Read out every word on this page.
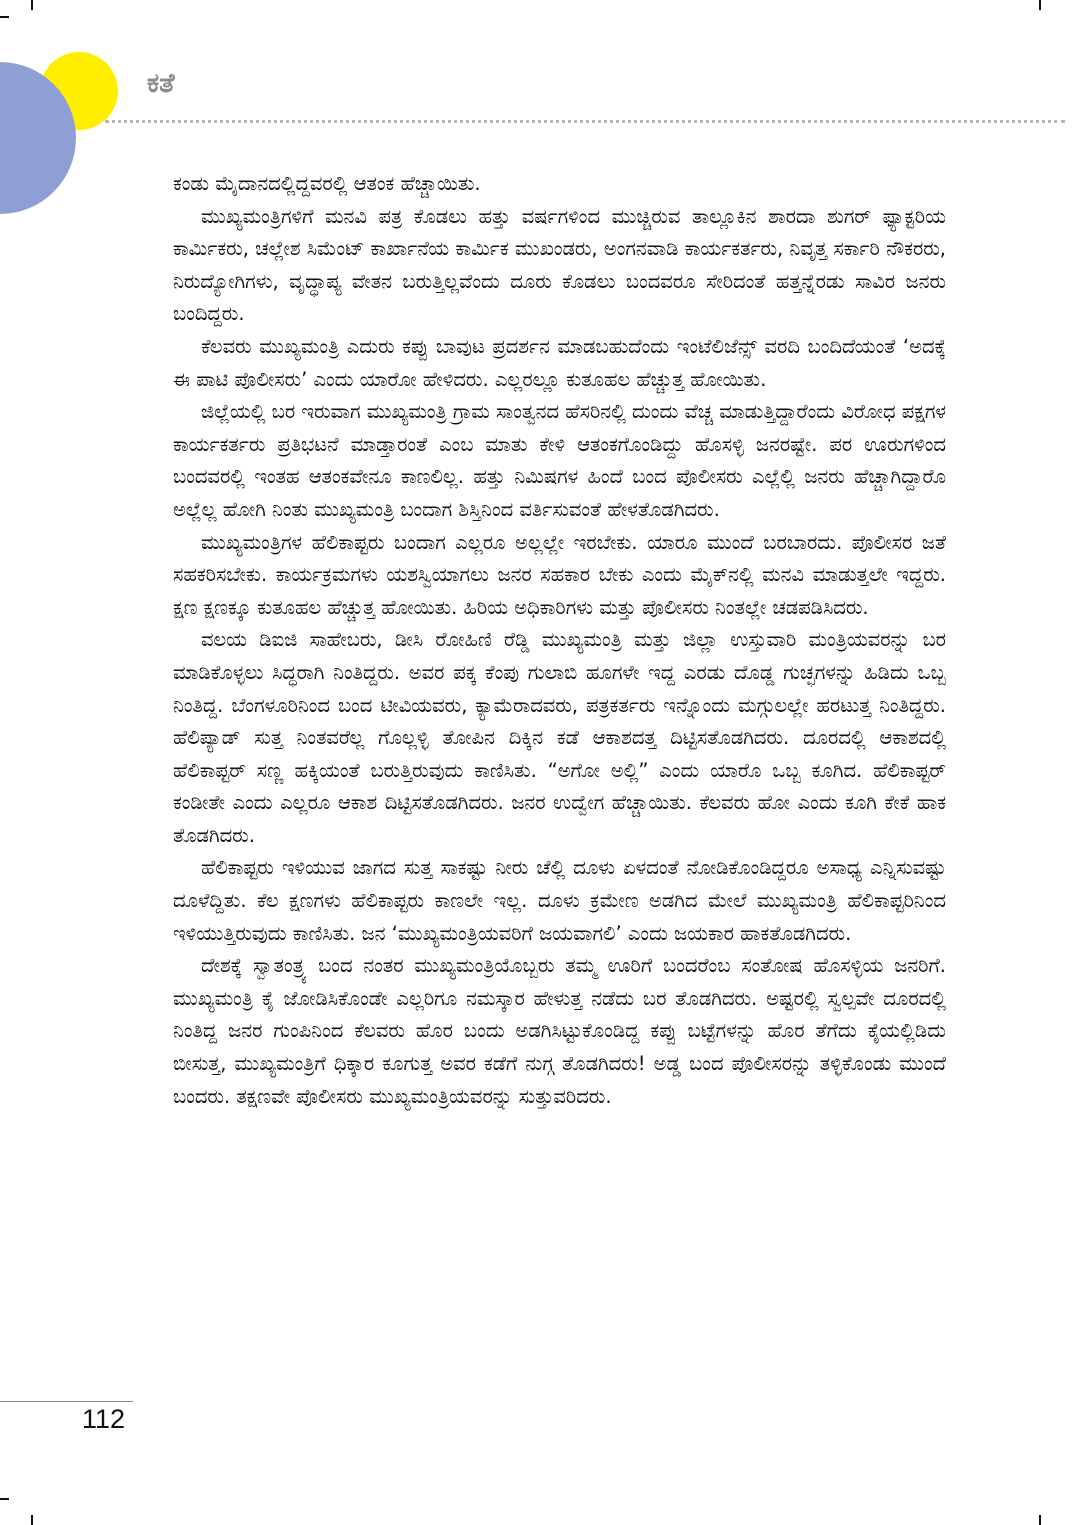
ಕತೆ

ಕಂಡು ಮೈದಾನದಲ್ಲಿದ್ದವರಲ್ಲಿ ಆತಂಕ ಹೆಚ್ಚಾಯಿತು.

ಮುಖ್ಯಮಂತ್ರಿಗಳಿಗೆ ಮನವಿ ಪತ್ರ ಕೊಡಲು ಹತ್ತು ವರ್ಷಗಳಿಂದ ಮುಚ್ಚಿರುವ ತಾಲ್ಲೂಕಿನ ಶಾರದಾ ಶುಗರ್ ಫ್ಯಾಕ್ಟರಿಯ ಕಾರ್ಮಿಕರು, ಚಲ್ಲೇಶ ಸಿಮೆಂಟ್ ಕಾರ್ಖಾನೆಯ ಕಾರ್ಮಿಕ ಮುಖಂಡರು, ಅಂಗನವಾಡಿ ಕಾರ್ಯಕರ್ತರು, ನಿವೃತ್ತ ಸರ್ಕಾರಿ ನೌಕರರು, ನಿರುದ್ಯೋಗಿಗಳು, ವೃದ್ಧಾಪ್ಯ ವೇತನ ಬರುತ್ತಿಲ್ಲವೆಂದು ದೂರು ಕೊಡಲು ಬಂದವರೂ ಸೇರಿದಂತೆ ಹತ್ತನ್ನೆರಡು ಸಾವಿರ ಜನರು ಬಂದಿದ್ದರು.

ಕೆಲವರು ಮುಖ್ಯಮಂತ್ರಿ ಎದುರು ಕಪ್ಪು ಬಾವುಟ ಪ್ರದರ್ಶನ ಮಾಡಬಹುದೆಂದು ಇಂಟೆಲಿಜೆನ್ಸ್ ವರದಿ ಬಂದಿದೆಯಂತೆ ‘ಅದಕ್ಕೆ ಈ ಪಾಟಿ ಪೊಲೀಸರು’ ಎಂದು ಯಾರೋ ಹೇಳಿದರು. ಎಲ್ಲರಲ್ಲೂ ಕುತೂಹಲ ಹೆಚ್ಚುತ್ತ ಹೋಯಿತು.

ಜಿಲ್ಲೆಯಲ್ಲಿ ಬರ ಇರುವಾಗ ಮುಖ್ಯಮಂತ್ರಿ ಗ್ರಾಮ ಸಾಂತ್ವನದ ಹೆಸರಿನಲ್ಲಿ ದುಂದು ವೆಚ್ಚ ಮಾಡುತ್ತಿದ್ದಾರೆಂದು ವಿರೋಧ ಪಕ್ಷಗಳ ಕಾರ್ಯಕರ್ತರು ಪ್ರತಿಭಟನೆ ಮಾಡ್ತಾರಂತೆ ಎಂಬ ಮಾತು ಕೇಳಿ ಆತಂಕಗೊಂಡಿದ್ದು ಹೊಸಳ್ಳಿ ಜನರಷ್ಟೇ. ಪರ ಊರುಗಳಿಂದ ಬಂದವರಲ್ಲಿ ಇಂತಹ ಆತಂಕವೇನೂ ಕಾಣಲಿಲ್ಲ. ಹತ್ತು ನಿಮಿಷಗಳ ಹಿಂದೆ ಬಂದ ಪೊಲೀಸರು ಎಲ್ಲೆಲ್ಲಿ ಜನರು ಹೆಚ್ಚಾಗಿದ್ದಾರೊ ಅಲ್ಲೆಲ್ಲ ಹೋಗಿ ನಿಂತು ಮುಖ್ಯಮಂತ್ರಿ ಬಂದಾಗ ಶಿಸ್ತಿನಿಂದ ವರ್ತಿಸುವಂತೆ ಹೇಳತೊಡಗಿದರು.

ಮುಖ್ಯಮಂತ್ರಿಗಳ ಹೆಲಿಕಾಪ್ಟರು ಬಂದಾಗ ಎಲ್ಲರೂ ಅಲ್ಲಲ್ಲೇ ಇರಬೇಕು. ಯಾರೂ ಮುಂದೆ ಬರಬಾರದು. ಪೊಲೀಸರ ಜತೆ ಸಹಕರಿಸಬೇಕು. ಕಾರ್ಯಕ್ರಮಗಳು ಯಶಸ್ವಿಯಾಗಲು ಜನರ ಸಹಕಾರ ಬೇಕು ಎಂದು ಮೈಕ್‌ನಲ್ಲಿ ಮನವಿ ಮಾಡುತ್ತಲೇ ಇದ್ದರು. ಕ್ಷಣ ಕ್ಷಣಕ್ಕೂ ಕುತೂಹಲ ಹೆಚ್ಚುತ್ತ ಹೋಯಿತು. ಹಿರಿಯ ಅಧಿಕಾರಿಗಳು ಮತ್ತು ಪೊಲೀಸರು ನಿಂತಲ್ಲೇ ಚಡಪಡಿಸಿದರು.

ವಲಯ ಡಿಐಜಿ ಸಾಹೇಬರು, ಡೀಸಿ ರೋಹಿಣಿ ರೆಡ್ಡಿ ಮುಖ್ಯಮಂತ್ರಿ ಮತ್ತು ಜಿಲ್ಲಾ ಉಸ್ತುವಾರಿ ಮಂತ್ರಿಯವರನ್ನು ಬರ ಮಾಡಿಕೊಳ್ಳಲು ಸಿದ್ಧರಾಗಿ ನಿಂತಿದ್ದರು. ಅವರ ಪಕ್ಕ ಕೆಂಪು ಗುಲಾಬಿ ಹೂಗಳೇ ಇದ್ದ ಎರಡು ದೊಡ್ಡ ಗುಚ್ಛಗಳನ್ನು ಹಿಡಿದು ಒಬ್ಬ ನಿಂತಿದ್ದ. ಬೆಂಗಳೂರಿನಿಂದ ಬಂದ ಟೀವಿಯವರು, ಕ್ಯಾಮೆರಾದವರು, ಪತ್ರಕರ್ತರು ಇನ್ನೊಂದು ಮಗ್ಗುಲಲ್ಲೇ ಹರಟುತ್ತ ನಿಂತಿದ್ದರು. ಹೆಲಿಪ್ಯಾಡ್ ಸುತ್ತ ನಿಂತವರೆಲ್ಲ ಗೊಲ್ಲಳ್ಳಿ ತೋಪಿನ ದಿಕ್ಕಿನ ಕಡೆ ಆಕಾಶದತ್ತ ದಿಟ್ಟಿಸತೊಡಗಿದರು. ದೂರದಲ್ಲಿ ಆಕಾಶದಲ್ಲಿ ಹೆಲಿಕಾಪ್ಟರ್ ಸಣ್ಣ ಹಕ್ಕಿಯಂತೆ ಬರುತ್ತಿರುವುದು ಕಾಣಿಸಿತು. “ಅಗೋ ಅಲ್ಲಿ” ಎಂದು ಯಾರೊ ಒಬ್ಬ ಕೂಗಿದ. ಹೆಲಿಕಾಪ್ಟರ್ ಕಂಡೀತೇ ಎಂದು ಎಲ್ಲರೂ ಆಕಾಶ ದಿಟ್ಟಿಸತೊಡಗಿದರು. ಜನರ ಉದ್ವೇಗ ಹೆಚ್ಚಾಯಿತು. ಕೆಲವರು ಹೋ ಎಂದು ಕೂಗಿ ಕೇಕೆ ಹಾಕ ತೊಡಗಿದರು.

ಹೆಲಿಕಾಪ್ಟರು ಇಳಿಯುವ ಜಾಗದ ಸುತ್ತ ಸಾಕಷ್ಟು ನೀರು ಚೆಲ್ಲಿ ದೂಳು ಏಳದಂತೆ ನೋಡಿಕೊಂಡಿದ್ದರೂ ಅಸಾಧ್ಯ ಎನ್ನಿಸುವಷ್ಟು ದೂಳೆದ್ದಿತು. ಕೆಲ ಕ್ಷಣಗಳು ಹೆಲಿಕಾಪ್ಟರು ಕಾಣಲೇ ಇಲ್ಲ. ದೂಳು ಕ್ರಮೇಣ ಅಡಗಿದ ಮೇಲೆ ಮುಖ್ಯಮಂತ್ರಿ ಹೆಲಿಕಾಪ್ಟರಿನಿಂದ ಇಳಿಯುತ್ತಿರುವುದು ಕಾಣಿಸಿತು. ಜನ ‘ಮುಖ್ಯಮಂತ್ರಿಯವರಿಗೆ ಜಯವಾಗಲಿ’ ಎಂದು ಜಯಕಾರ ಹಾಕತೊಡಗಿದರು.

ದೇಶಕ್ಕೆ ಸ್ವಾತಂತ್ರ್ಯ ಬಂದ ನಂತರ ಮುಖ್ಯಮಂತ್ರಿಯೊಬ್ಬರು ತಮ್ಮ ಊರಿಗೆ ಬಂದರೆಂಬ ಸಂತೋಷ ಹೊಸಳ್ಳಿಯ ಜನರಿಗೆ. ಮುಖ್ಯಮಂತ್ರಿ ಕೈ ಜೋಡಿಸಿಕೊಂಡೇ ಎಲ್ಲರಿಗೂ ನಮಸ್ಕಾರ ಹೇಳುತ್ತ ನಡೆದು ಬರ ತೊಡಗಿದರು. ಅಷ್ಟರಲ್ಲಿ ಸ್ವಲ್ಪವೇ ದೂರದಲ್ಲಿ ನಿಂತಿದ್ದ ಜನರ ಗುಂಪಿನಿಂದ ಕೆಲವರು ಹೊರ ಬಂದು ಅಡಗಿಸಿಟ್ಟುಕೊಂಡಿದ್ದ ಕಪ್ಪು ಬಟ್ಟೆಗಳನ್ನು ಹೊರ ತೆಗೆದು ಕೈಯಲ್ಲಿಡಿದು ಬೀಸುತ್ತ, ಮುಖ್ಯಮಂತ್ರಿಗೆ ಧಿಕ್ಕಾರ ಕೂಗುತ್ತ ಅವರ ಕಡೆಗೆ ನುಗ್ಗ ತೊಡಗಿದರು! ಅಡ್ಡ ಬಂದ ಪೊಲೀಸರನ್ನು ತಳ್ಳಿಕೊಂಡು ಮುಂದೆ ಬಂದರು. ತಕ್ಷಣವೇ ಪೊಲೀಸರು ಮುಖ್ಯಮಂತ್ರಿಯವರನ್ನು ಸುತ್ತುವರಿದರು.

112
